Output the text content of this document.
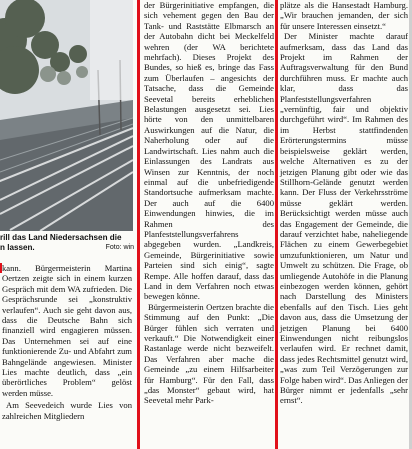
rill das Land Niedersachsen die
n lassen.	Foto: win

kann. Bürgermeisterin Martina Oertzen zeigte sich in einem kurzen Gespräch mit dem WA zufrieden. Die Gesprächsrunde sei „konstruktiv verlaufen“. Auch sie geht davon aus, dass die Deutsche Bahn sich finanziell wird engagieren müssen. Das Unternehmen sei auf eine funktionierende Zu- und Abfahrt zum Bahngelände angewiesen. Minister Lies machte deutlich, dass „ein überörtliches Problem“ gelöst werden müsse.

Am Seevedeich wurde Lies von zahlreichen Mitgliedern

der Bürgerinitiative empfangen, die sich vehement gegen den Bau der Tank- und Raststätte Elbmarsch an der Autobahn dicht bei Meckelfeld wehren (der WA berichtete mehrfach). Dieses Projekt des Bundes, so hieß es, bringe das Fass zum Überlaufen – angesichts der Tatsache, dass die Gemeinde Seevetal bereits erheblichen Belastungen ausgesetzt sei. Lies hörte von den unmittelbaren Auswirkungen auf die Natur, die Naherholung oder auf die Landwirtschaft. Lies nahm auch die Einlassungen des Landrats aus Winsen zur Kenntnis, der noch einmal auf die unbefriedigende Standortsuche aufmerksam machte. Der auch auf die 6400 Einwendungen hinwies, die im Rahmen des Planfeststellungsverfahrens abgegeben wurden. „Landkreis, Gemeinde, Bürgerinitiative sowie Parteien sind sich einig“, sagte Rempe. Alle hoffen darauf, dass das Land in dem Verfahren noch etwas bewegen könne.

Bürgermeisterin Oertzen brachte die Stimmung auf den Punkt: „Die Bürger fühlen sich verraten und verkauft.“ Die Notwendigkeit einer Rastanlage werde nicht bezweifelt. Das Verfahren aber mache die Gemeinde „zu einem Hilfsarbeiter für Hamburg“. Für den Fall, dass „das Monster“ gebaut wird, hat Seevetal mehr Park-

plätze als die Hansestadt Hamburg. „Wir brauchen jemanden, der sich für unsere Interessen einsetzt.“

Der Minister machte darauf aufmerksam, dass das Land das Projekt im Rahmen der Auftragsverwaltung für den Bund durchführen muss. Er machte auch klar, dass das Planfeststellungsverfahren „vernünftig, fair und objektiv durchgeführt wird“. Im Rahmen des im Herbst stattfindenden Erörterungstermins müsse beispielsweise geklärt werden, welche Alternativen es zu der jetzigen Planung gibt oder wie das Stillhorn-Gelände genutzt werden kann. Der Fluss der Verkehrsströme müsse geklärt werden. Berücksichtigt werden müsse auch das Engagement der Gemeinde, die darauf verzichtet habe, naheliegende Flächen zu einem Gewerbegebiet umzufunktionieren, um Natur und Umwelt zu schützen. Die Frage, ob umliegende Autohöfe in die Planung einbezogen werden können, gehört nach Darstellung des Ministers ebenfalls auf den Tisch. Lies geht davon aus, dass die Umsetzung der jetzigen Planung bei 6400 Einwendungen nicht reibungslos verlaufen wird. Er rechnet damit, dass jedes Rechtsmittel genutzt wird, „was zum Teil Verzögerungen zur Folge haben wird“. Das Anliegen der Bürger nimmt er jedenfalls „sehr ernst“.
